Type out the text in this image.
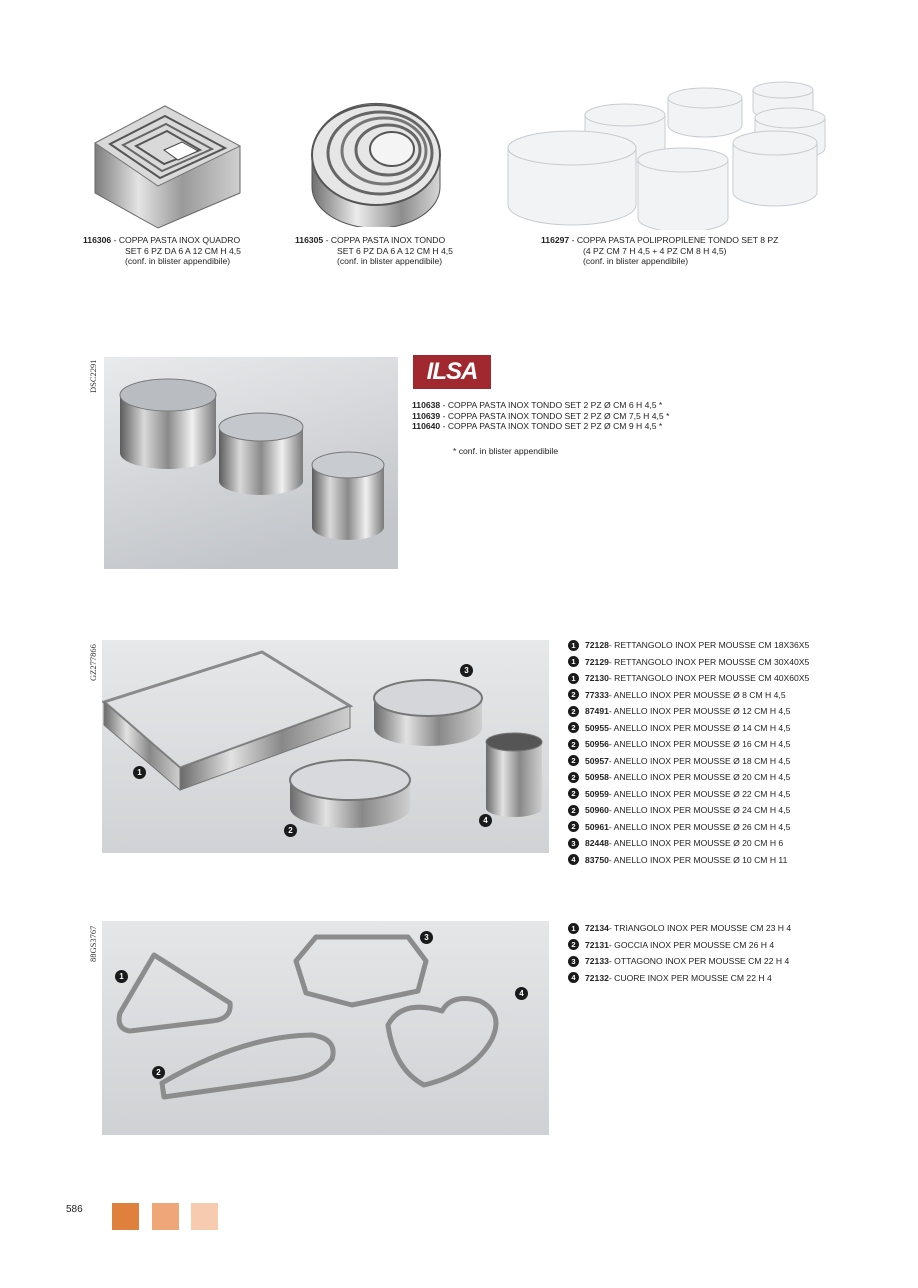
116306 - COPPA PASTA INOX QUADRO
SET 6 PZ DA 6 A 12 CM H 4,5
(conf. in blister appendibile)
116305 - COPPA PASTA INOX TONDO
SET 6 PZ DA 6 A 12 CM H 4,5
(conf. in blister appendibile)
116297 - COPPA PASTA POLIPROPILENE TONDO SET 8 PZ
(4 PZ CM 7 H 4,5 + 4 PZ CM 8 H 4,5)
(conf. in blister appendibile)
DSC2291	ILSA
110638 - COPPA PASTA INOX TONDO SET 2 PZ Ø CM 6 H 4,5 *
110639 - COPPA PASTA INOX TONDO SET 2 PZ Ø CM 7,5 H 4,5 *
110640 - COPPA PASTA INOX TONDO SET 2 PZ Ø CM 9 H 4,5 *
* conf. in blister appendibile
GZ277866
1
2
3
4
1	72128 - RETTANGOLO INOX PER MOUSSE CM 18X36X5
1	72129 - RETTANGOLO INOX PER MOUSSE CM 30X40X5
1	72130 - RETTANGOLO INOX PER MOUSSE CM 40X60X5
2	77333 - ANELLO INOX PER MOUSSE Ø 8 CM H 4,5
2	87491 - ANELLO INOX PER MOUSSE Ø 12 CM H 4,5
2	50955 - ANELLO INOX PER MOUSSE Ø 14 CM H 4,5
2	50956 - ANELLO INOX PER MOUSSE Ø 16 CM H 4,5
2	50957 - ANELLO INOX PER MOUSSE Ø 18 CM H 4,5
2	50958 - ANELLO INOX PER MOUSSE Ø 20 CM H 4,5
2	50959 - ANELLO INOX PER MOUSSE Ø 22 CM H 4,5
2	50960 - ANELLO INOX PER MOUSSE Ø 24 CM H 4,5
2	50961 - ANELLO INOX PER MOUSSE Ø 26 CM H 4,5
3	82448 - ANELLO INOX PER MOUSSE Ø 20 CM H 6
4	83750 - ANELLO INOX PER MOUSSE Ø 10 CM H 11
88GS3767
1
2
3
4
1	72134 - TRIANGOLO INOX PER MOUSSE CM 23 H 4
2	72131 - GOCCIA INOX PER MOUSSE CM 26 H 4
3	72133 - OTTAGONO INOX PER MOUSSE CM 22 H 4
4	72132 - CUORE INOX PER MOUSSE CM 22 H 4
586
